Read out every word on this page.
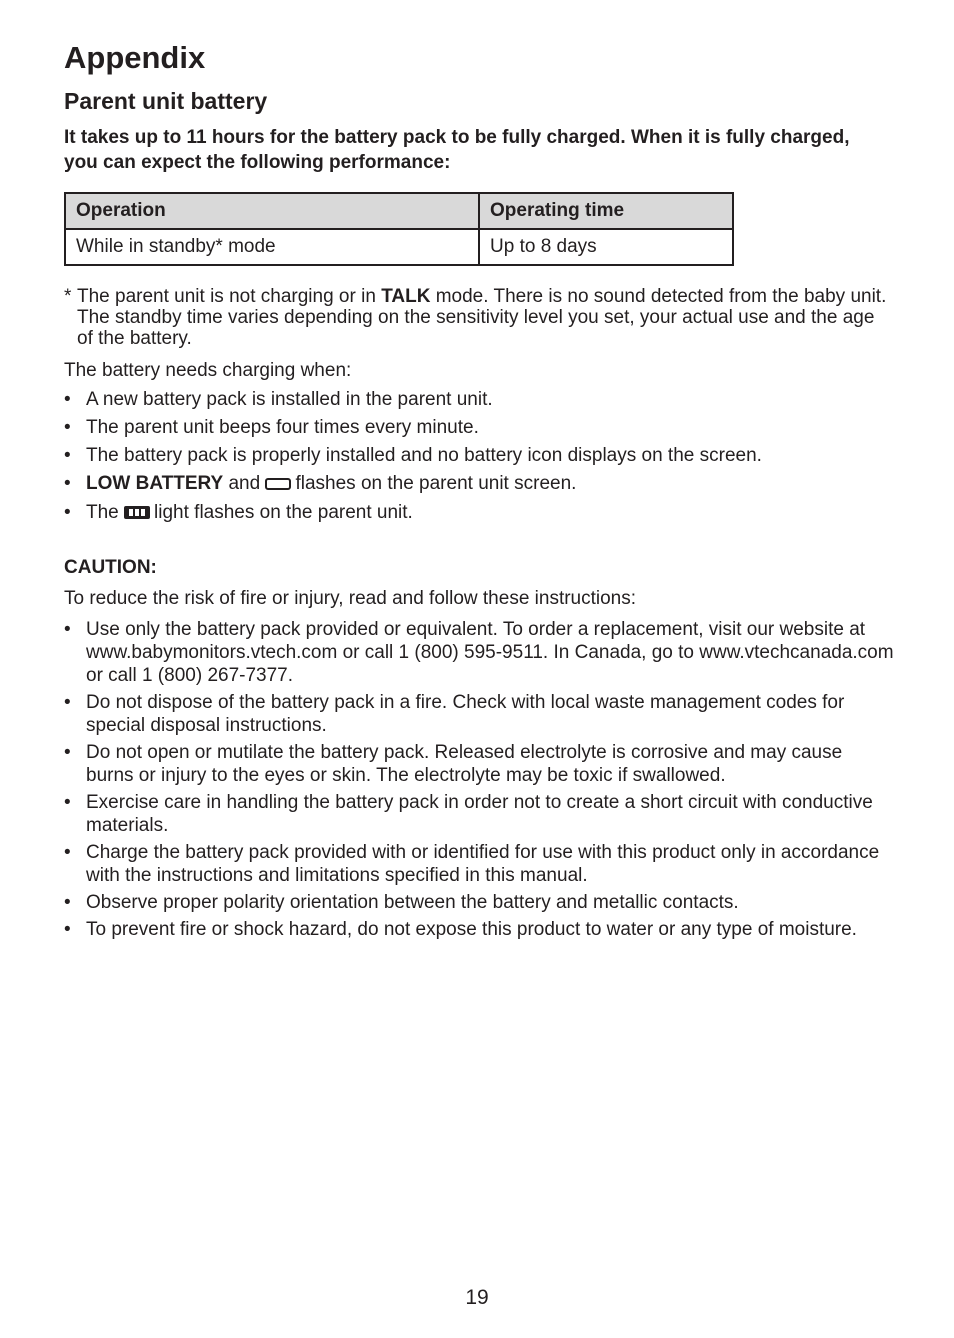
Appendix
Parent unit battery

It takes up to 11 hours for the battery pack to be fully charged. When it is fully charged, you can expect the following performance:

Operation	Operating time
While in standby* mode	Up to 8 days
* The parent unit is not charging or in TALK mode. There is no sound detected from the baby unit. The standby time varies depending on the sensitivity level you set, your actual use and the age of the battery.

The battery needs charging when:

• A new battery pack is installed in the parent unit.
• The parent unit beeps four times every minute.
• The battery pack is properly installed and no battery icon displays on the screen.
• LOW BATTERY and flashes on the parent unit screen.
• The
light flashes on the parent unit.

CAUTION:

To reduce the risk of fire or injury, read and follow these instructions:

• Use only the battery pack provided or equivalent. To order a replacement, visit our website at www.babymonitors.vtech.com or call 1 (800) 595-9511. In Canada, go to www.vtechcanada.com or call 1 (800) 267-7377.
• Do not dispose of the battery pack in a fire. Check with local waste management codes for special disposal instructions.
• Do not open or mutilate the battery pack. Released electrolyte is corrosive and may cause burns or injury to the eyes or skin. The electrolyte may be toxic if swallowed.
• Exercise care in handling the battery pack in order not to create a short circuit with conductive materials.
• Charge the battery pack provided with or identified for use with this product only in accordance with the instructions and limitations specified in this manual.
• Observe proper polarity orientation between the battery and metallic contacts.
• To prevent fire or shock hazard, do not expose this product to water or any type of moisture.
19
